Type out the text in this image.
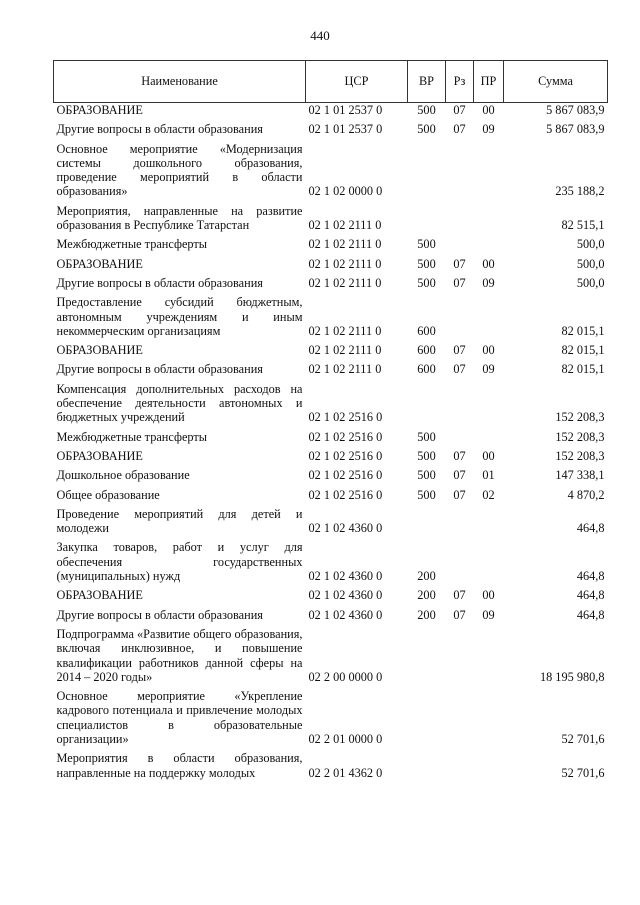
440
Наименование	ЦСР	ВР	Рз	ПР	Сумма
ОБРАЗОВАНИЕ	02 1 01 2537 0	500	07	00	5 867 083,9
Другие вопросы в области образования	02 1 01 2537 0	500	07	09	5 867 083,9
Основное мероприятие «Модернизация системы дошкольного образования, проведение мероприятий в области образования»	02 1 02 0000 0				235 188,2
Мероприятия, направленные на развитие образования в Республике Татарстан	02 1 02 2111 0				82 515,1
Межбюджетные трансферты	02 1 02 2111 0	500			500,0
ОБРАЗОВАНИЕ	02 1 02 2111 0	500	07	00	500,0
Другие вопросы в области образования	02 1 02 2111 0	500	07	09	500,0
Предоставление субсидий бюджетным, автономным учреждениям и иным некоммерческим организациям	02 1 02 2111 0	600			82 015,1
ОБРАЗОВАНИЕ	02 1 02 2111 0	600	07	00	82 015,1
Другие вопросы в области образования	02 1 02 2111 0	600	07	09	82 015,1
Компенсация дополнительных расходов на обеспечение деятельности автономных и бюджетных учреждений	02 1 02 2516 0				152 208,3
Межбюджетные трансферты	02 1 02 2516 0	500			152 208,3
ОБРАЗОВАНИЕ	02 1 02 2516 0	500	07	00	152 208,3
Дошкольное образование	02 1 02 2516 0	500	07	01	147 338,1
Общее образование	02 1 02 2516 0	500	07	02	4 870,2
Проведение мероприятий для детей и молодежи	02 1 02 4360 0				464,8
Закупка товаров, работ и услуг для обеспечения государственных (муниципальных) нужд	02 1 02 4360 0	200			464,8
ОБРАЗОВАНИЕ	02 1 02 4360 0	200	07	00	464,8
Другие вопросы в области образования	02 1 02 4360 0	200	07	09	464,8
Подпрограмма «Развитие общего образования, включая инклюзивное, и повышение квалификации работников данной сферы на 2014 – 2020 годы»	02 2 00 0000 0				18 195 980,8
Основное мероприятие «Укрепление кадрового потенциала и привлечение молодых специалистов в образовательные организации»	02 2 01 0000 0				52 701,6
Мероприятия в области образования, направленные на поддержку молодых	02 2 01 4362 0				52 701,6
